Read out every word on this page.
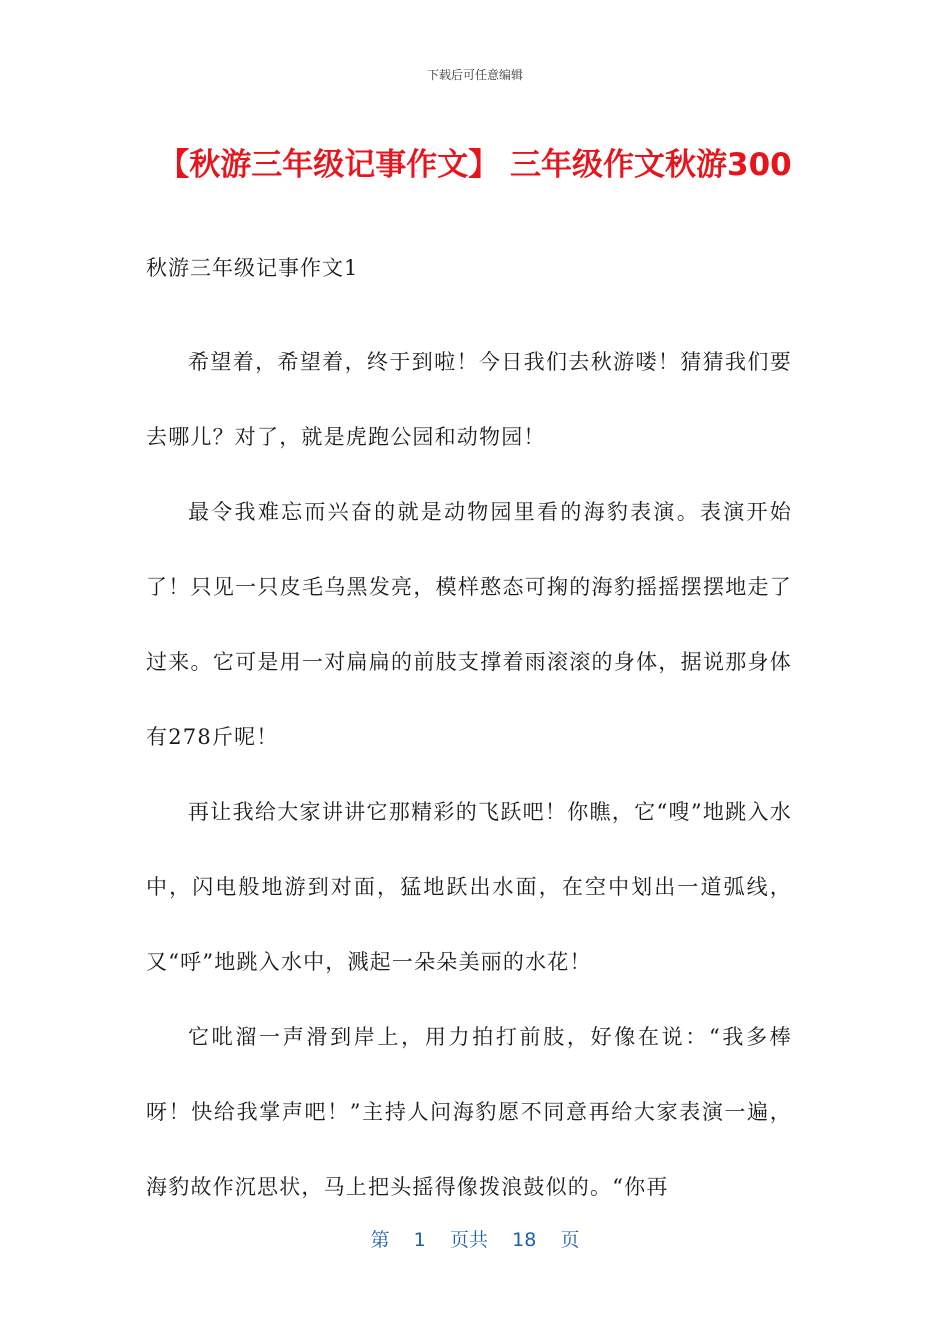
下载后可任意编辑
【秋游三年级记事作文】 三年级作文秋游300
秋游三年级记事作文1

希望着，希望着，终于到啦！今日我们去秋游喽！猜猜我们要去哪儿？对了，就是虎跑公园和动物园！

最令我难忘而兴奋的就是动物园里看的海豹表演。表演开始了！只见一只皮毛乌黑发亮，模样憨态可掬的海豹摇摇摆摆地走了过来。它可是用一对扁扁的前肢支撑着雨滚滚的身体，据说那身体有278斤呢！

再让我给大家讲讲它那精彩的飞跃吧！你瞧，它“嗖”地跳入水中，闪电般地游到对面，猛地跃出水面，在空中划出一道弧线，又“呼”地跳入水中，溅起一朵朵美丽的水花！

它吡溜一声滑到岸上，用力拍打前肢，好像在说：“我多棒呀！快给我掌声吧！”主持人问海豹愿不同意再给大家表演一遍，海豹故作沉思状，马上把头摇得像拨浪鼓似的。“你再

第 1 页共 18 页
